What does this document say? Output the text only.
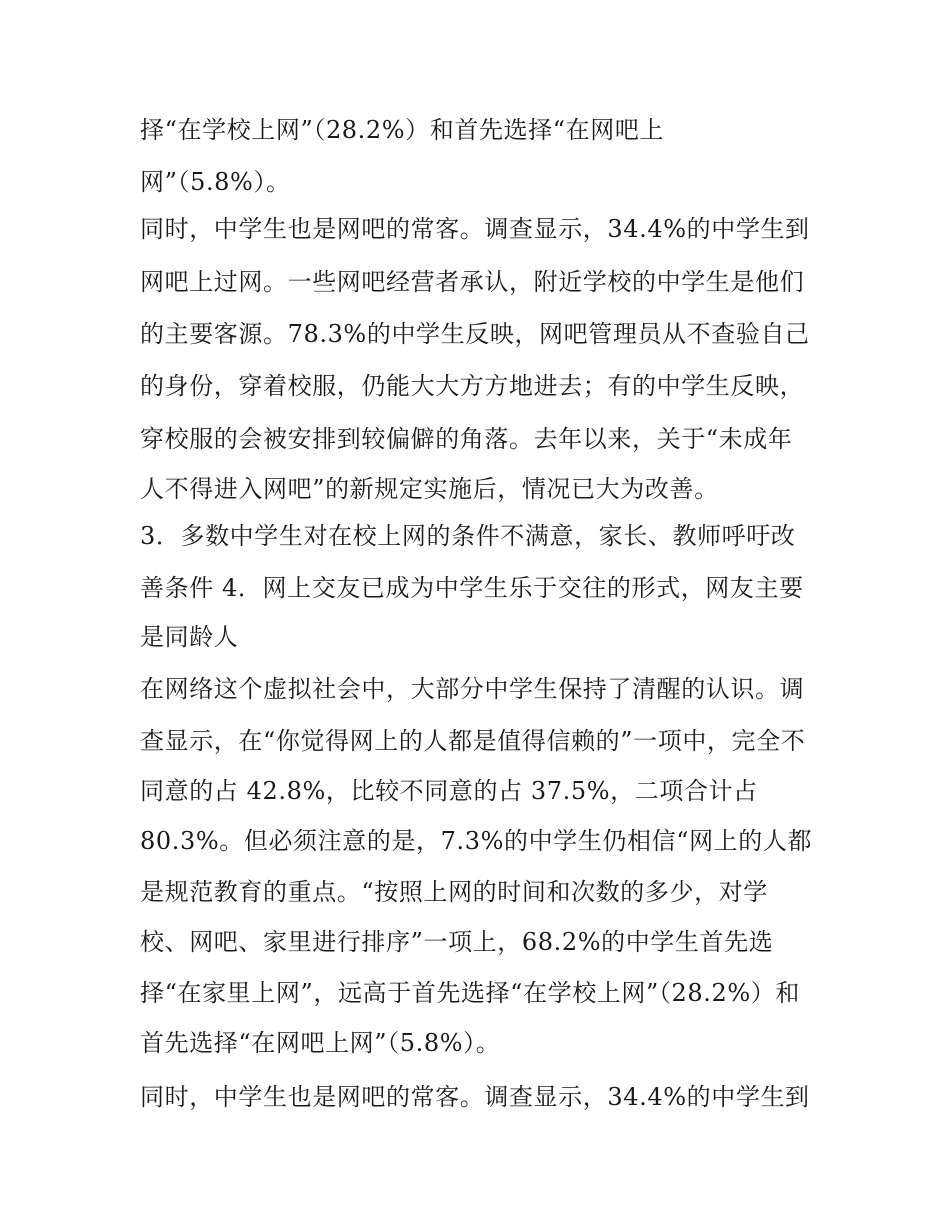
择“在学校上网”（28.2%）和首先选择“在网吧上
网”（5.8%）。
同时，中学生也是网吧的常客。调查显示，34.4%的中学生到
网吧上过网。一些网吧经营者承认，附近学校的中学生是他们
的主要客源。78.3%的中学生反映，网吧管理员从不查验自己
的身份，穿着校服，仍能大大方方地进去；有的中学生反映，
穿校服的会被安排到较偏僻的角落。去年以来，关于“未成年
人不得进入网吧”的新规定实施后，情况已大为改善。
3．多数中学生对在校上网的条件不满意，家长、教师呼吁改
善条件 4．网上交友已成为中学生乐于交往的形式，网友主要
是同龄人
在网络这个虚拟社会中，大部分中学生保持了清醒的认识。调
查显示，在“你觉得网上的人都是值得信赖的”一项中，完全不
同意的占 42.8%，比较不同意的占 37.5%，二项合计占
80.3%。但必须注意的是，7.3%的中学生仍相信“网上的人都
是规范教育的重点。“按照上网的时间和次数的多少，对学
校、网吧、家里进行排序”一项上，68.2%的中学生首先选
择“在家里上网”，远高于首先选择“在学校上网”（28.2%）和
首先选择“在网吧上网”（5.8%）。
同时，中学生也是网吧的常客。调查显示，34.4%的中学生到
